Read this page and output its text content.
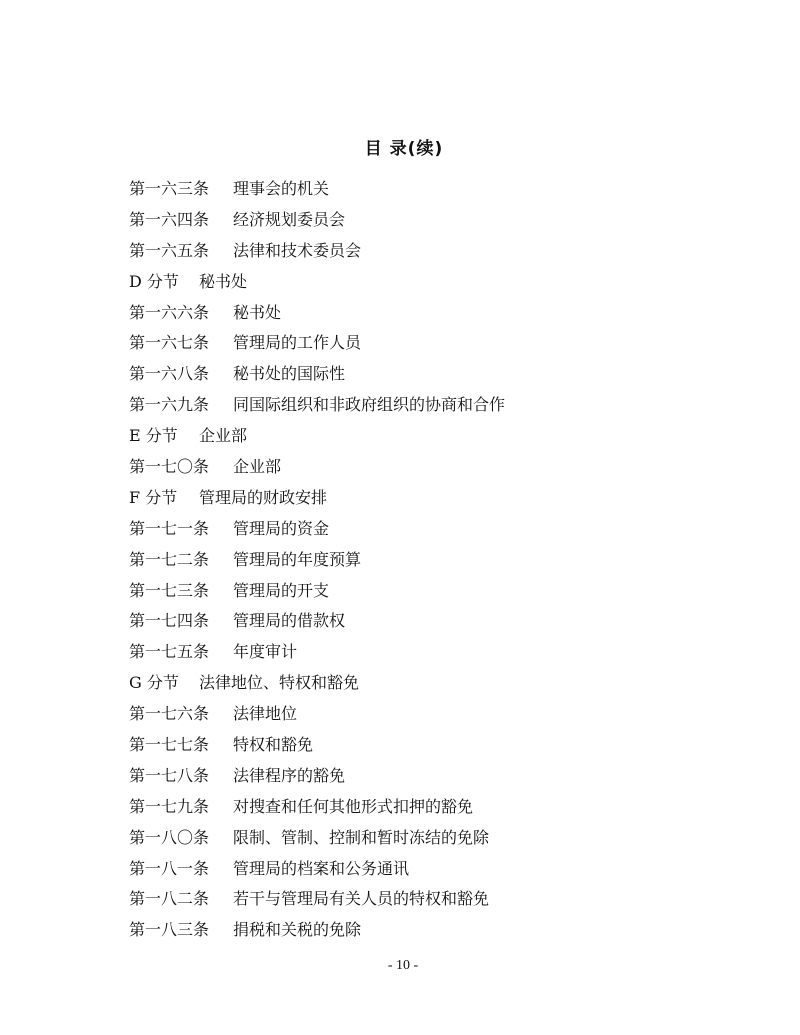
目 录(续)
第一六三条 理事会的机关
第一六四条 经济规划委员会
第一六五条 法律和技术委员会
D 分节 秘书处
第一六六条 秘书处
第一六七条 管理局的工作人员
第一六八条 秘书处的国际性
第一六九条 同国际组织和非政府组织的协商和合作
E 分节 企业部
第一七〇条 企业部
F 分节 管理局的财政安排
第一七一条 管理局的资金
第一七二条 管理局的年度预算
第一七三条 管理局的开支
第一七四条 管理局的借款权
第一七五条 年度审计
G 分节 法律地位、特权和豁免
第一七六条 法律地位
第一七七条 特权和豁免
第一七八条 法律程序的豁免
第一七九条 对搜查和任何其他形式扣押的豁免
第一八〇条 限制、管制、控制和暂时冻结的免除
第一八一条 管理局的档案和公务通讯
第一八二条 若干与管理局有关人员的特权和豁免
第一八三条 捐税和关税的免除
- 10 -
